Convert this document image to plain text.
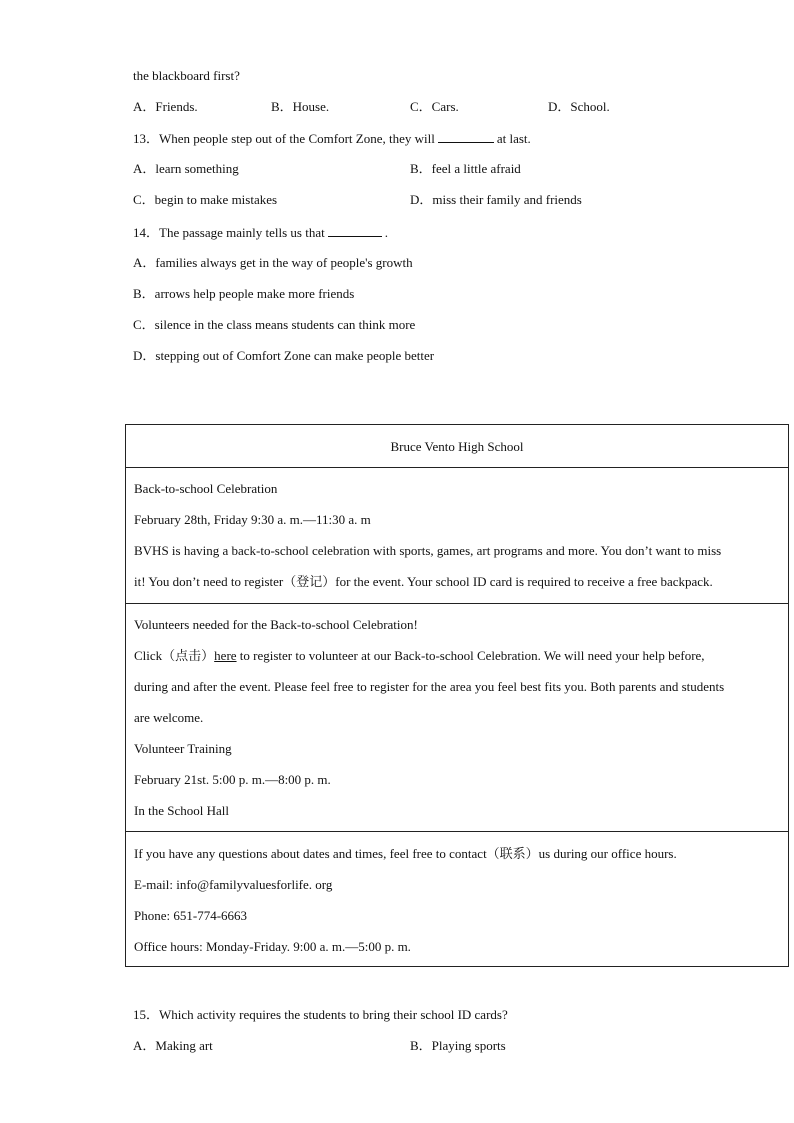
the blackboard first?
A．Friends.	B．House.	C．Cars.	D．School.
13．When people step out of the Comfort Zone, they will	at last.
A．learn something	B．feel a little afraid
C．begin to make mistakes	D．miss their family and friends
14．The passage mainly tells us that	.
A．families always get in the way of people's growth
B．arrows help people make more friends
C．silence in the class means students can think more
D．stepping out of Comfort Zone can make people better
Bruce Vento High School
Back-to-school Celebration
February 28th, Friday 9:30 a. m.—11:30 a. m
BVHS is having a back-to-school celebration with sports, games, art programs and more. You don’t want to miss
it! You don’t need to register（登记）for the event. Your school ID card is required to receive a free backpack.
Volunteers needed for the Back-to-school Celebration!
Click（点击）here to register to volunteer at our Back-to-school Celebration. We will need your help before,
during and after the event. Please feel free to register for the area you feel best fits you. Both parents and students
are welcome.
Volunteer Training
February 21st. 5:00 p. m.—8:00 p. m.
In the School Hall
If you have any questions about dates and times, feel free to contact（联系）us during our office hours.
E-mail: info@familyvaluesforlife. org
Phone: 651-774-6663
Office hours: Monday-Friday. 9:00 a. m.—5:00 p. m.
15．Which activity requires the students to bring their school ID cards?
A．Making art	B．Playing sports
